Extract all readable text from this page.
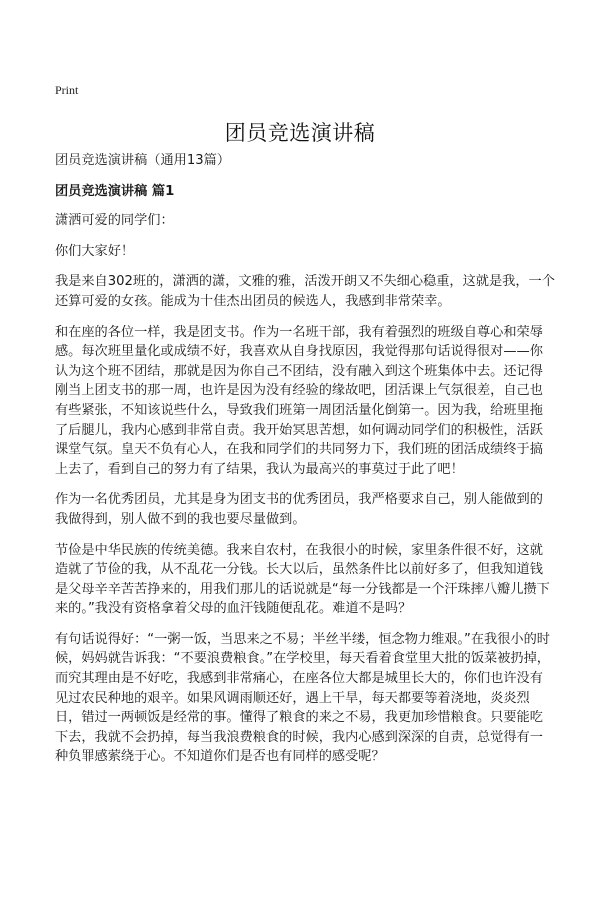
Print
团员竞选演讲稿

团员竞选演讲稿（通用13篇）

团员竞选演讲稿 篇1

潇洒可爱的同学们：

你们大家好！

我是来自302班的，潇洒的潇，文雅的雅，活泼开朗又不失细心稳重，这就是我，一个还算可爱的女孩。能成为十佳杰出团员的候选人，我感到非常荣幸。

和在座的各位一样，我是团支书。作为一名班干部，我有着强烈的班级自尊心和荣辱感。每次班里量化或成绩不好，我喜欢从自身找原因，我觉得那句话说得很对——你认为这个班不团结，那就是因为你自己不团结，没有融入到这个班集体中去。还记得刚当上团支书的那一周，也许是因为没有经验的缘故吧，团活课上气氛很差，自己也有些紧张，不知该说些什么，导致我们班第一周团活量化倒第一。因为我，给班里拖了后腿儿，我内心感到非常自责。我开始冥思苦想，如何调动同学们的积极性，活跃课堂气氛。皇天不负有心人，在我和同学们的共同努力下，我们班的团活成绩终于搞上去了，看到自己的努力有了结果，我认为最高兴的事莫过于此了吧！

作为一名优秀团员，尤其是身为团支书的优秀团员，我严格要求自己，别人能做到的我做得到，别人做不到的我也要尽量做到。

节俭是中华民族的传统美德。我来自农村，在我很小的时候，家里条件很不好，这就造就了节俭的我，从不乱花一分钱。长大以后，虽然条件比以前好多了，但我知道钱是父母辛辛苦苦挣来的，用我们那儿的话说就是“每一分钱都是一个汗珠摔八瓣儿攒下来的。”我没有资格拿着父母的血汗钱随便乱花。难道不是吗？

有句话说得好：“一粥一饭，当思来之不易；半丝半缕，恒念物力维艰。”在我很小的时候，妈妈就告诉我：“不要浪费粮食。”在学校里，每天看着食堂里大批的饭菜被扔掉，而究其理由是不好吃，我感到非常痛心，在座各位大都是城里长大的，你们也许没有见过农民种地的艰辛。如果风调雨顺还好，遇上干旱，每天都要等着浇地，炎炎烈日，错过一两顿饭是经常的事。懂得了粮食的来之不易，我更加珍惜粮食。只要能吃下去，我就不会扔掉，每当我浪费粮食的时候，我内心感到深深的自责，总觉得有一种负罪感萦绕于心。不知道你们是否也有同样的感受呢？
